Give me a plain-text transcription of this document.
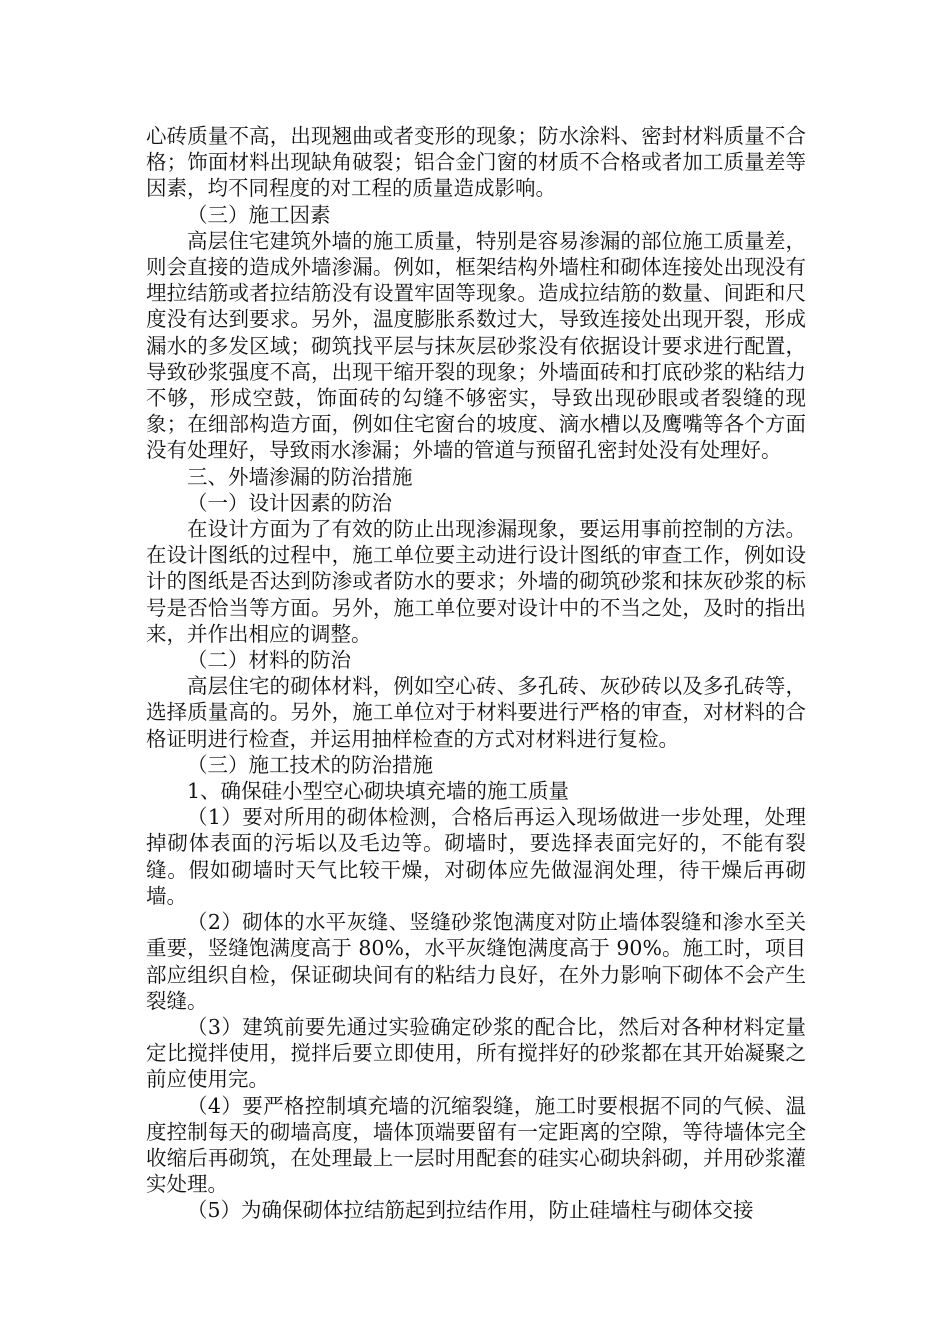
心砖质量不高，出现翘曲或者变形的现象；防水涂料、密封材料质量不合格；饰面材料出现缺角破裂；铝合金门窗的材质不合格或者加工质量差等因素，均不同程度的对工程的质量造成影响。

（三）施工因素

高层住宅建筑外墙的施工质量，特别是容易渗漏的部位施工质量差，则会直接的造成外墙渗漏。例如，框架结构外墙柱和砌体连接处出现没有埋拉结筋或者拉结筋没有设置牢固等现象。造成拉结筋的数量、间距和尺度没有达到要求。另外，温度膨胀系数过大，导致连接处出现开裂，形成漏水的多发区域；砌筑找平层与抹灰层砂浆没有依据设计要求进行配置，导致砂浆强度不高，出现干缩开裂的现象；外墙面砖和打底砂浆的粘结力不够，形成空鼓，饰面砖的勾缝不够密实，导致出现砂眼或者裂缝的现象；在细部构造方面，例如住宅窗台的坡度、滴水槽以及鹰嘴等各个方面没有处理好，导致雨水渗漏；外墙的管道与预留孔密封处没有处理好。

三、外墙渗漏的防治措施

（一）设计因素的防治

在设计方面为了有效的防止出现渗漏现象，要运用事前控制的方法。在设计图纸的过程中，施工单位要主动进行设计图纸的审查工作，例如设计的图纸是否达到防渗或者防水的要求；外墙的砌筑砂浆和抹灰砂浆的标号是否恰当等方面。另外，施工单位要对设计中的不当之处，及时的指出来，并作出相应的调整。

（二）材料的防治

高层住宅的砌体材料，例如空心砖、多孔砖、灰砂砖以及多孔砖等，选择质量高的。另外，施工单位对于材料要进行严格的审查，对材料的合格证明进行检查，并运用抽样检查的方式对材料进行复检。

（三）施工技术的防治措施

1、确保硅小型空心砌块填充墙的施工质量

（1）要对所用的砌体检测，合格后再运入现场做进一步处理，处理掉砌体表面的污垢以及毛边等。砌墙时，要选择表面完好的，不能有裂缝。假如砌墙时天气比较干燥，对砌体应先做湿润处理，待干燥后再砌墙。

（2）砌体的水平灰缝、竖缝砂浆饱满度对防止墙体裂缝和渗水至关重要，竖缝饱满度高于 80%，水平灰缝饱满度高于 90%。施工时，项目部应组织自检，保证砌块间有的粘结力良好，在外力影响下砌体不会产生裂缝。

（3）建筑前要先通过实验确定砂浆的配合比，然后对各种材料定量定比搅拌使用，搅拌后要立即使用，所有搅拌好的砂浆都在其开始凝聚之前应使用完。

（4）要严格控制填充墙的沉缩裂缝，施工时要根据不同的气候、温度控制每天的砌墙高度，墙体顶端要留有一定距离的空隙，等待墙体完全收缩后再砌筑，在处理最上一层时用配套的硅实心砌块斜砌，并用砂浆灌实处理。

（5）为确保砌体拉结筋起到拉结作用，防止硅墙柱与砌体交接
